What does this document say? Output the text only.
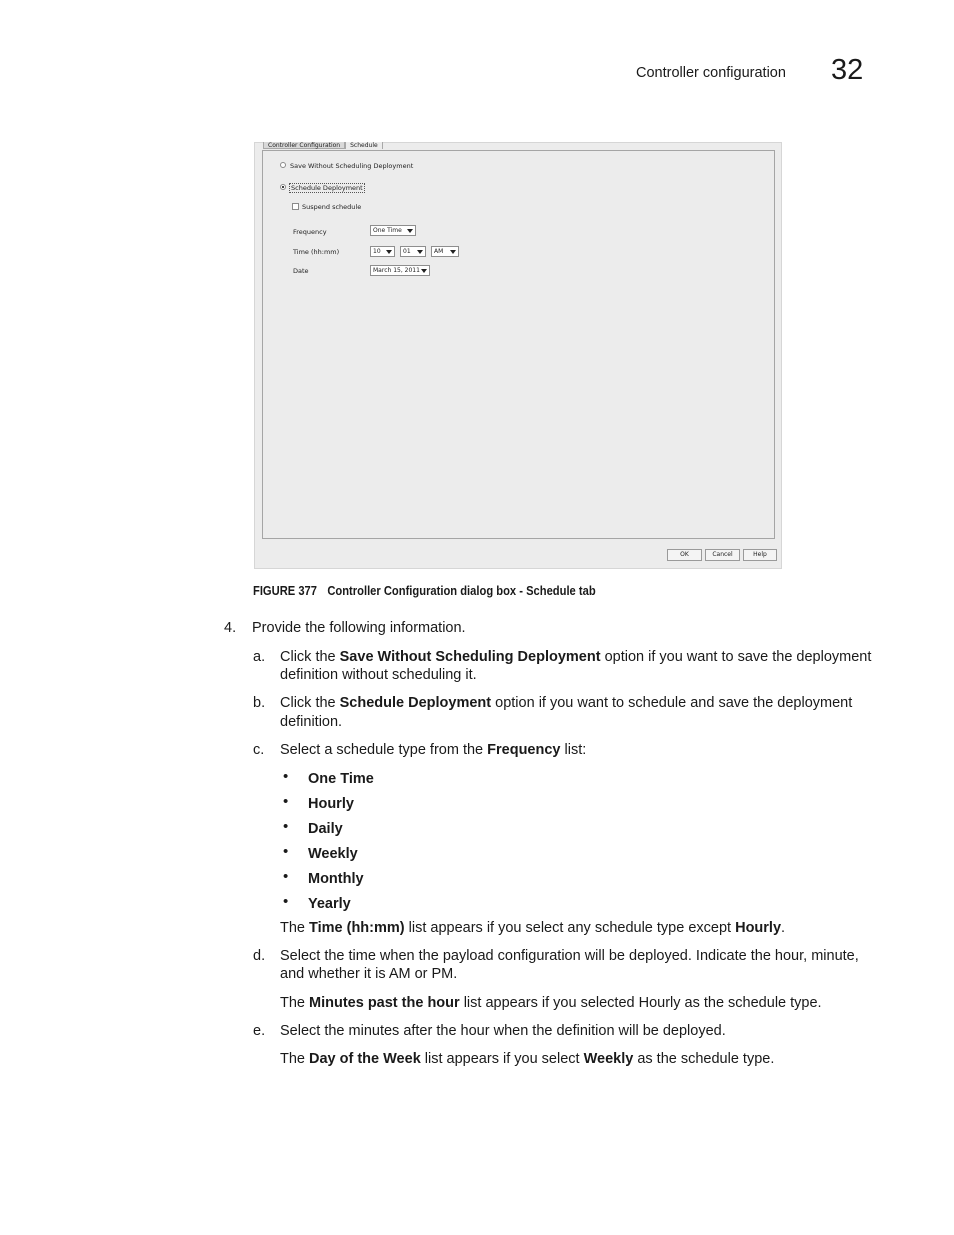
Controller configuration 32
Controller Configuration	Schedule
Save Without Scheduling Deployment
Schedule Deployment
Suspend schedule
Frequency	One Time
Time (hh:mm)	10	01	AM
Date	March 15, 2011
OK	Cancel	Help
FIGURE 377 Controller Configuration dialog box - Schedule tab
4. Provide the following information.
a. Click the Save Without Scheduling Deployment option if you want to save the deployment
definition without scheduling it.
b. Click the Schedule Deployment option if you want to schedule and save the deployment
definition.
c. Select a schedule type from the Frequency list:
• One Time
• Hourly
• Daily
• Weekly
• Monthly
• Yearly
The Time (hh:mm) list appears if you select any schedule type except Hourly.
d. Select the time when the payload configuration will be deployed. Indicate the hour, minute,
and whether it is AM or PM.
The Minutes past the hour list appears if you selected Hourly as the schedule type.
e. Select the minutes after the hour when the definition will be deployed.
The Day of the Week list appears if you select Weekly as the schedule type.
